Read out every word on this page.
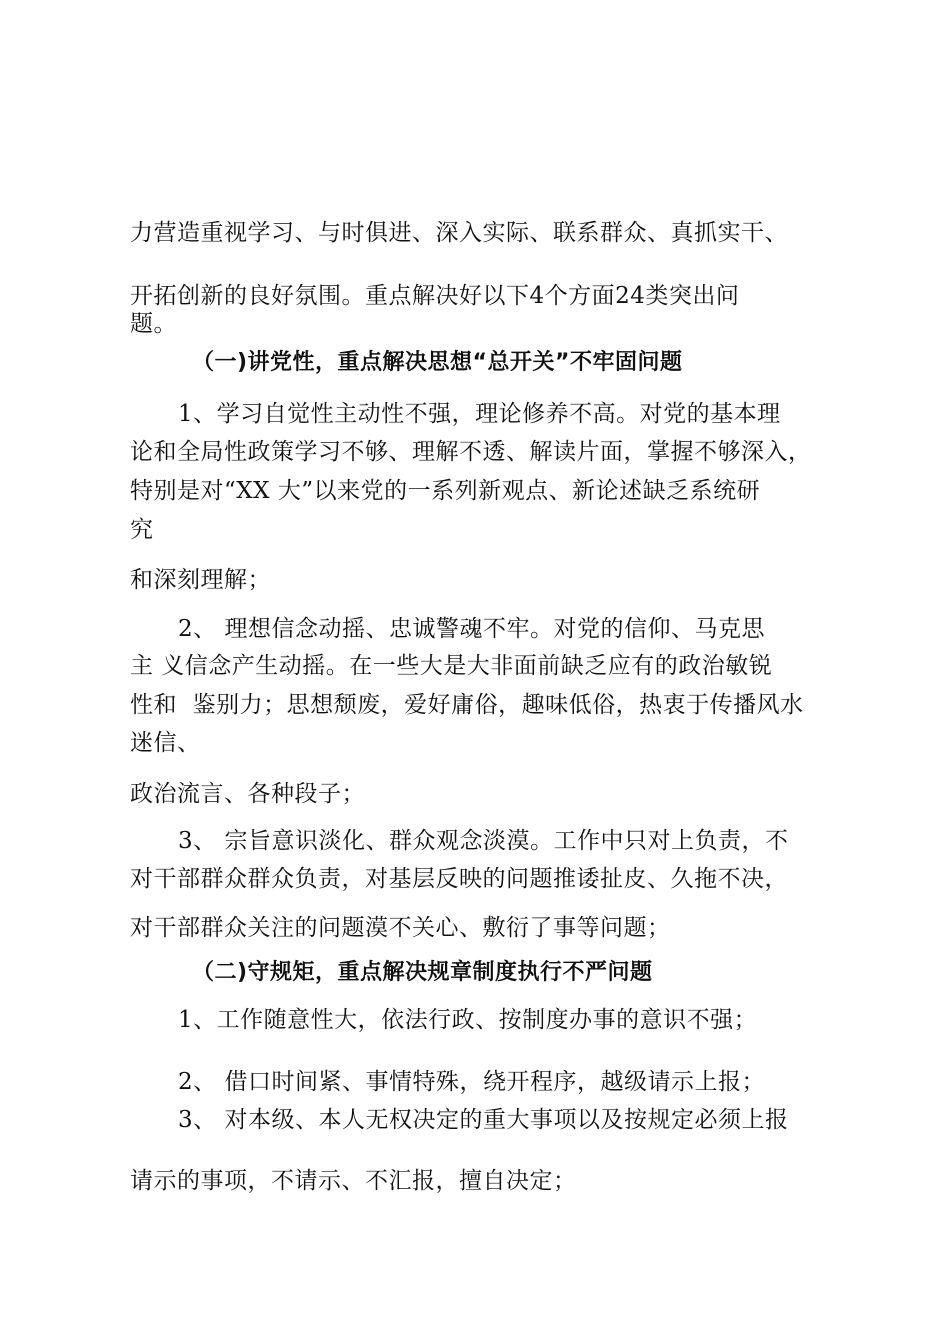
力营造重视学习、与时俱进、深入实际、联系群众、真抓实干、
开拓创新的良好氛围。重点解决好以下4个方面24类突出问
题。
（一)讲党性，重点解决思想“总开关”不牢固问题
1、学习自觉性主动性不强，理论修养不高。对党的基本理
论和全局性政策学习不够、理解不透、解读片面，掌握不够深入，
特别是对“XX 大”以来党的一系列新观点、新论述缺乏系统研
究
和深刻理解；
2、 理想信念动摇、忠诚警魂不牢。对党的信仰、马克思
主 义信念产生动摇。在一些大是大非面前缺乏应有的政治敏锐
性和  鉴别力；思想颓废，爱好庸俗，趣味低俗，热衷于传播风水
迷信、
政治流言、各种段子；
3、 宗旨意识淡化、群众观念淡漠。工作中只对上负责，不
对干部群众群众负责，对基层反映的问题推诿扯皮、久拖不决，
对干部群众关注的问题漠不关心、敷衍了事等问题；
（二)守规矩，重点解决规章制度执行不严问题
1、工作随意性大，依法行政、按制度办事的意识不强；
2、 借口时间紧、事情特殊，绕开程序，越级请示上报；
3、 对本级、本人无权决定的重大事项以及按规定必须上报
请示的事项，不请示、不汇报，擅自决定；
